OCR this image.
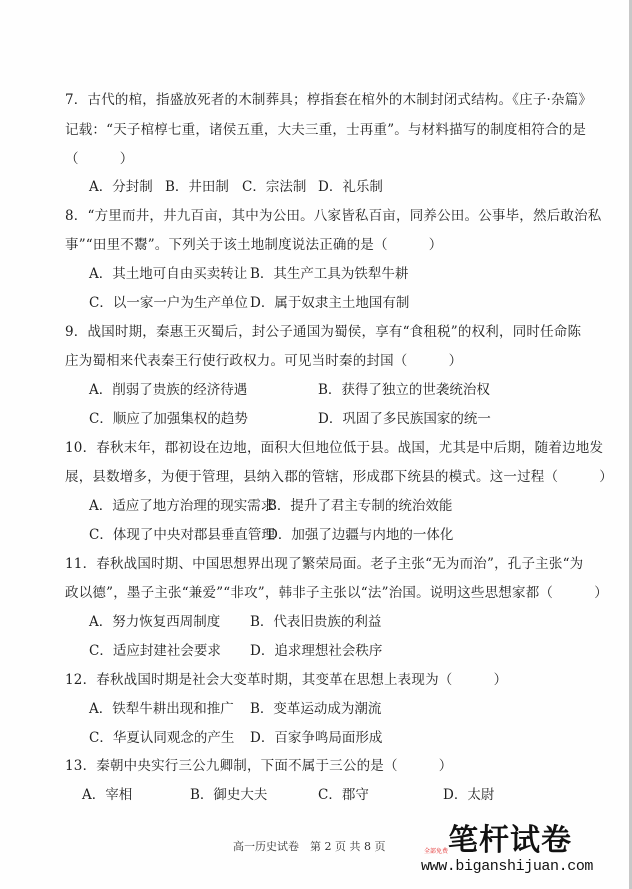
7．古代的棺，指盛放死者的木制葬具；椁指套在棺外的木制封闭式结构。《庄子·杂篇》
记载：“天子棺椁七重，诸侯五重，大夫三重，士再重”。与材料描写的制度相符合的是
（　　　）
A．分封制 B．井田制 C．宗法制 D．礼乐制
8．“方里而井，井九百亩，其中为公田。八家皆私百亩，同养公田。公事毕，然后敢治私
事”“田里不鬻”。下列关于该土地制度说法正确的是（　　　）
A．其土地可自由买卖转让 B．其生产工具为铁犁牛耕
C．以一家一户为生产单位 D．属于奴隶主土地国有制
9．战国时期，秦惠王灭蜀后，封公子通国为蜀侯，享有“食租税”的权利，同时任命陈
庄为蜀相来代表秦王行使行政权力。可见当时秦的封国（　　　）
A．削弱了贵族的经济待遇	B．获得了独立的世袭统治权
C．顺应了加强集权的趋势	D．巩固了多民族国家的统一
10．春秋末年，郡初设在边地，面积大但地位低于县。战国，尤其是中后期，随着边地发
展，县数增多，为便于管理，县纳入郡的管辖，形成郡下统县的模式。这一过程（　　　）
A．适应了地方治理的现实需求
B．提升了君主专制的统治效能
C．体现了中央对郡县垂直管理
D．加强了边疆与内地的一体化
11．春秋战国时期、中国思想界出现了繁荣局面。老子主张“无为而治”，孔子主张“为
政以德”，墨子主张“兼爱”“非攻”，韩非子主张以“法”治国。说明这些思想家都（　　　）
A．努力恢复西周制度 B．代表旧贵族的利益
C．适应封建社会要求 D．追求理想社会秩序
12．春秋战国时期是社会大变革时期，其变革在思想上表现为（　　　）
A．铁犁牛耕出现和推广 B．变革运动成为潮流
C．华夏认同观念的产生 D．百家争鸣局面形成
13．秦朝中央实行三公九卿制，下面不属于三公的是（　　　）
A．宰相	B．御史大夫	C．郡守	D．太尉
高一历史试卷　第 2 页 共 8 页	全部免费 笔杆试卷
www.biganshijuan.com
